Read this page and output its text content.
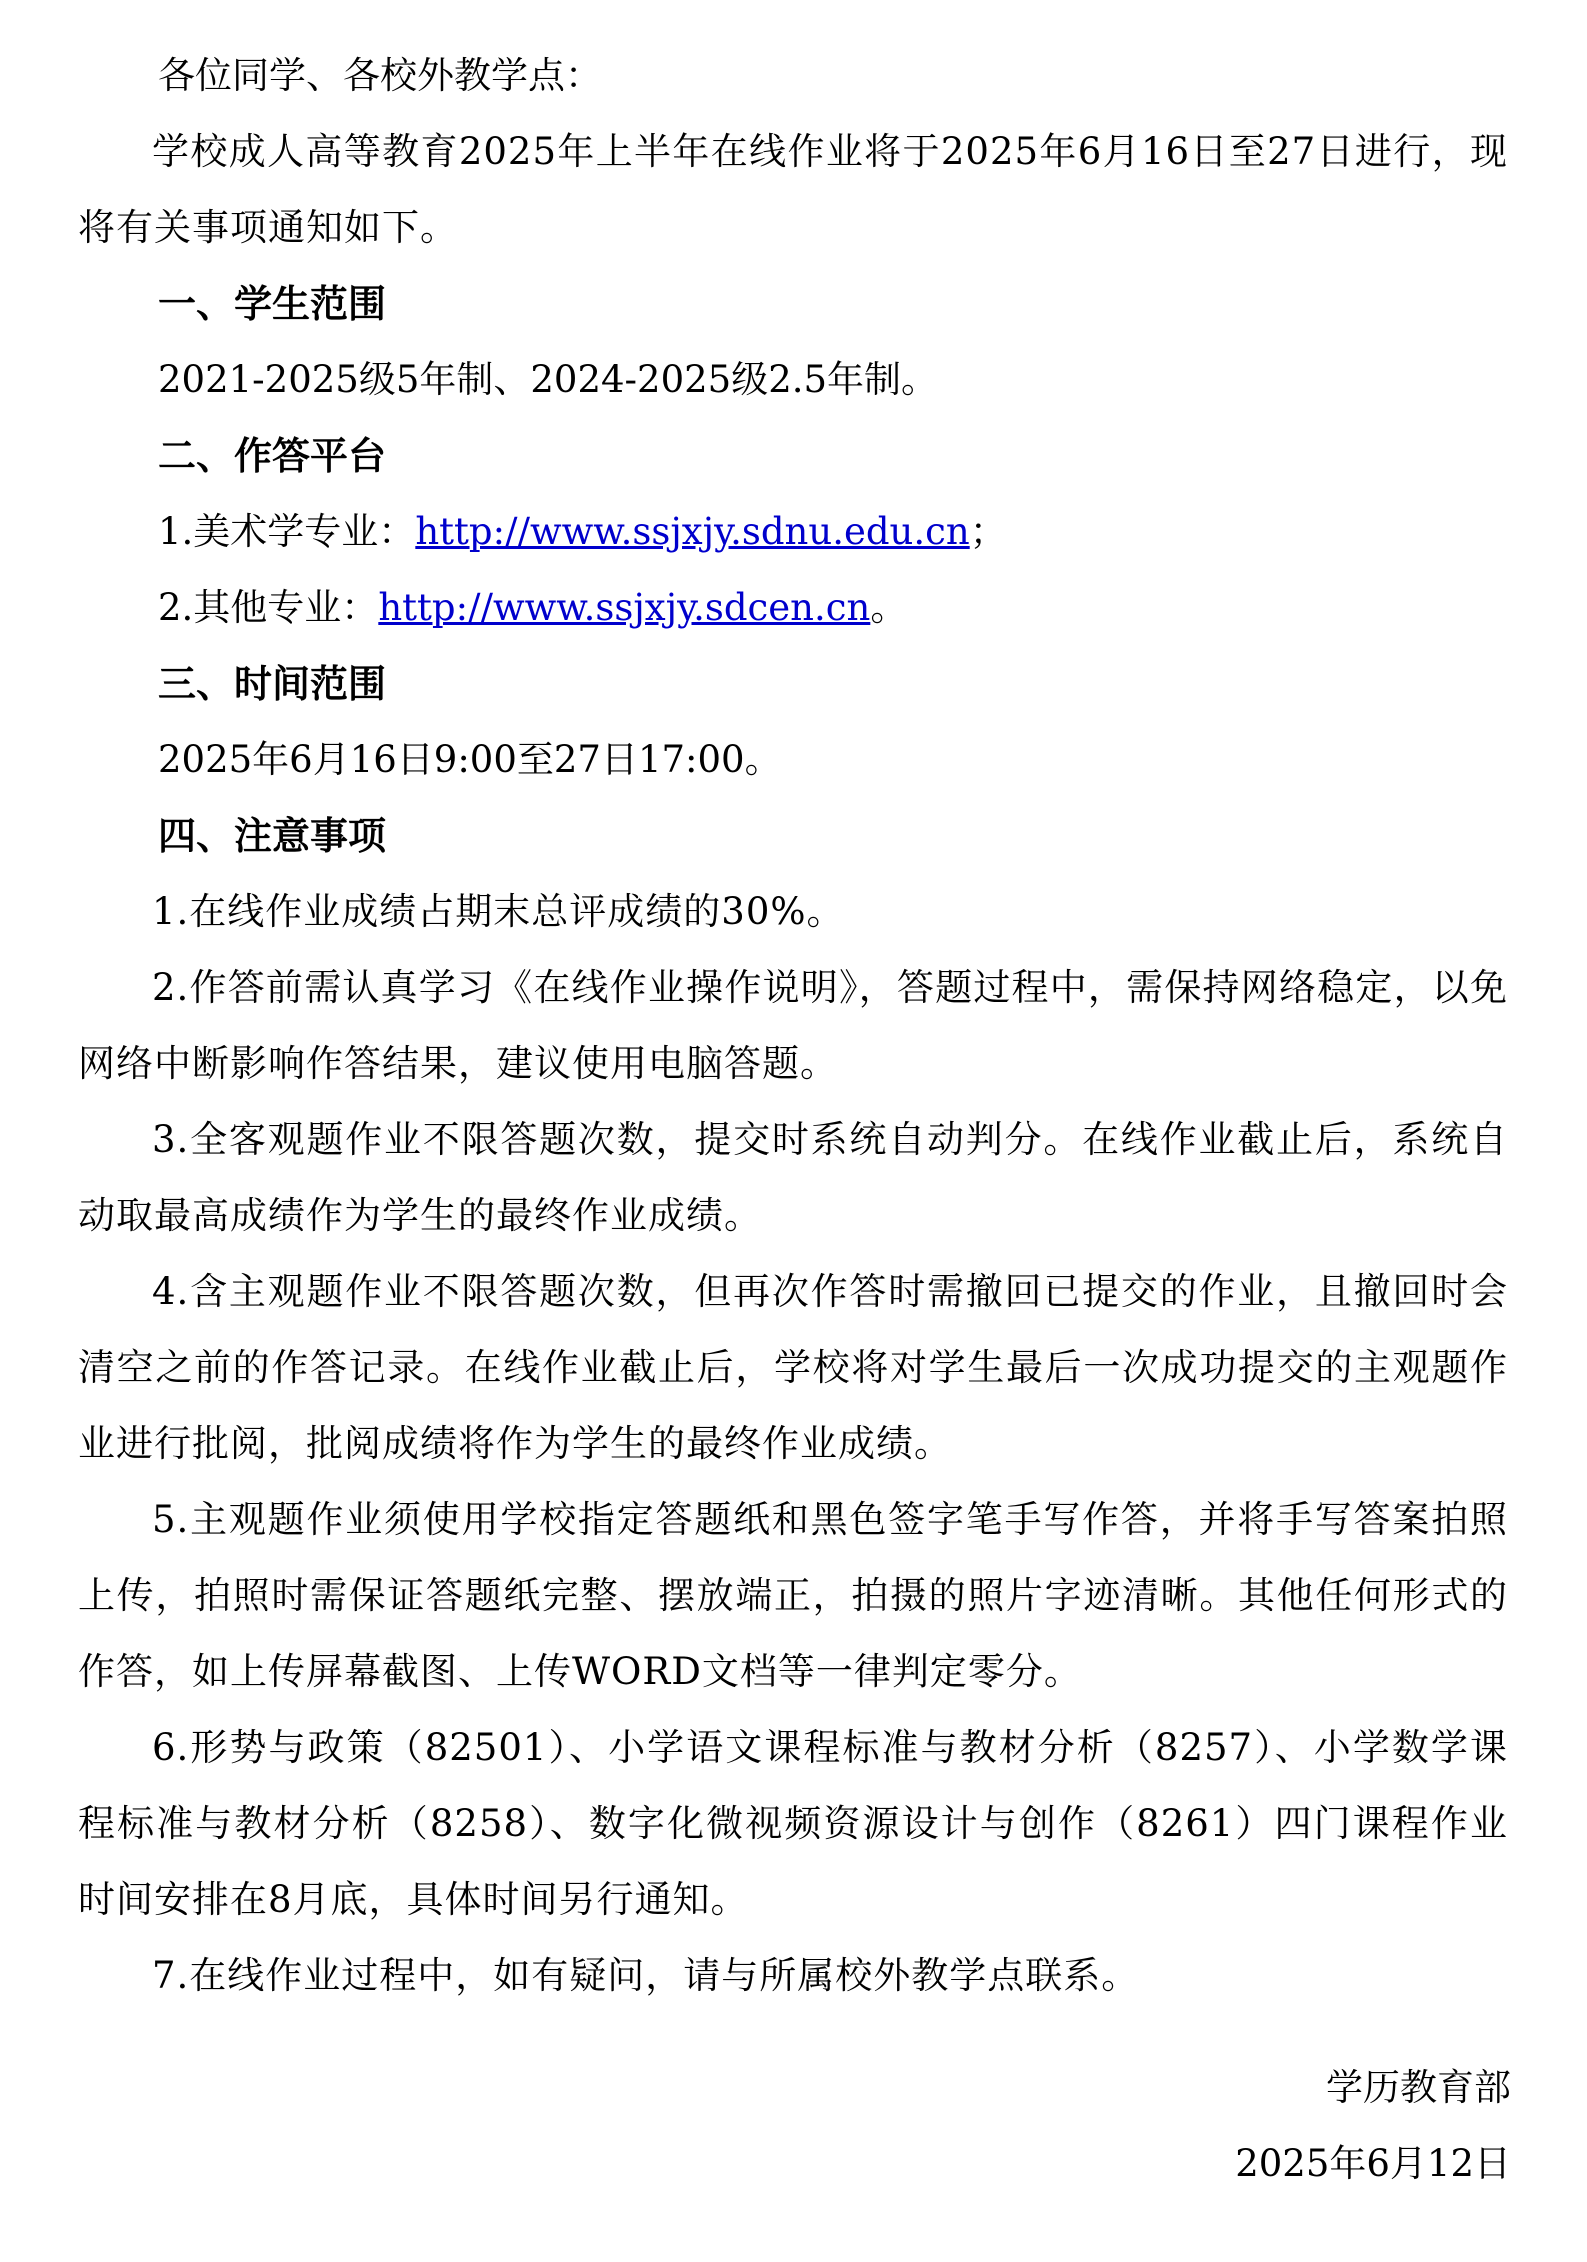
各位同学、各校外教学点：
学校成人高等教育2025年上半年在线作业将于2025年6月16日至27日进行，现将有关事项通知如下。
一、学生范围
2021-2025级5年制、2024-2025级2.5年制。
二、作答平台
1.美术学专业：http://www.ssjxjy.sdnu.edu.cn；
2.其他专业：http://www.ssjxjy.sdcen.cn。
三、时间范围
2025年6月16日9:00至27日17:00。
四、注意事项
1.在线作业成绩占期末总评成绩的30%。
2.作答前需认真学习《在线作业操作说明》，答题过程中，需保持网络稳定，以免网络中断影响作答结果，建议使用电脑答题。
3.全客观题作业不限答题次数，提交时系统自动判分。在线作业截止后，系统自动取最高成绩作为学生的最终作业成绩。
4.含主观题作业不限答题次数，但再次作答时需撤回已提交的作业，且撤回时会清空之前的作答记录。在线作业截止后，学校将对学生最后一次成功提交的主观题作业进行批阅，批阅成绩将作为学生的最终作业成绩。
5.主观题作业须使用学校指定答题纸和黑色签字笔手写作答，并将手写答案拍照上传，拍照时需保证答题纸完整、摆放端正，拍摄的照片字迹清晰。其他任何形式的作答，如上传屏幕截图、上传WORD文档等一律判定零分。
6.形势与政策（82501）、小学语文课程标准与教材分析（8257）、小学数学课程标准与教材分析（8258）、数字化微视频资源设计与创作（8261）四门课程作业时间安排在8月底，具体时间另行通知。
7.在线作业过程中，如有疑问，请与所属校外教学点联系。
学历教育部
2025年6月12日
